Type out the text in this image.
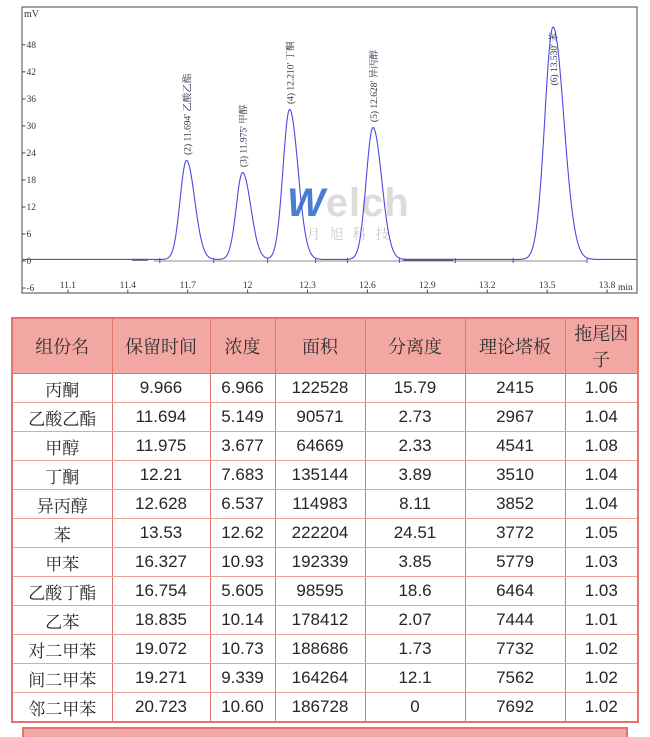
Welch
月旭科技
mV
min
48
42
36
30
24
18
12
6
0
-6	11.1	11.4	11.7	12	12.3	12.6	12.9	13.2	13.5	13.8
(2) 11.694' 乙酸乙酯	(3) 11.975' 甲醇
(4) 12.210' 丁酮	(5) 12.628' 异丙醇	(6) 13.530' 苯
组份名	保留时间	浓度	面积	分离度	理论塔板	拖尾因子
丙酮	9.966	6.966	122528	15.79	2415	1.06
乙酸乙酯	11.694	5.149	90571	2.73	2967	1.04
甲醇	11.975	3.677	64669	2.33	4541	1.08
丁酮	12.21	7.683	135144	3.89	3510	1.04
异丙醇	12.628	6.537	114983	8.11	3852	1.04
苯	13.53	12.62	222204	24.51	3772	1.05
甲苯	16.327	10.93	192339	3.85	5779	1.03
乙酸丁酯	16.754	5.605	98595	18.6	6464	1.03
乙苯	18.835	10.14	178412	2.07	7444	1.01
对二甲苯	19.072	10.73	188686	1.73	7732	1.02
间二甲苯	19.271	9.339	164264	12.1	7562	1.02
邻二甲苯	20.723	10.60	186728	0	7692	1.02
